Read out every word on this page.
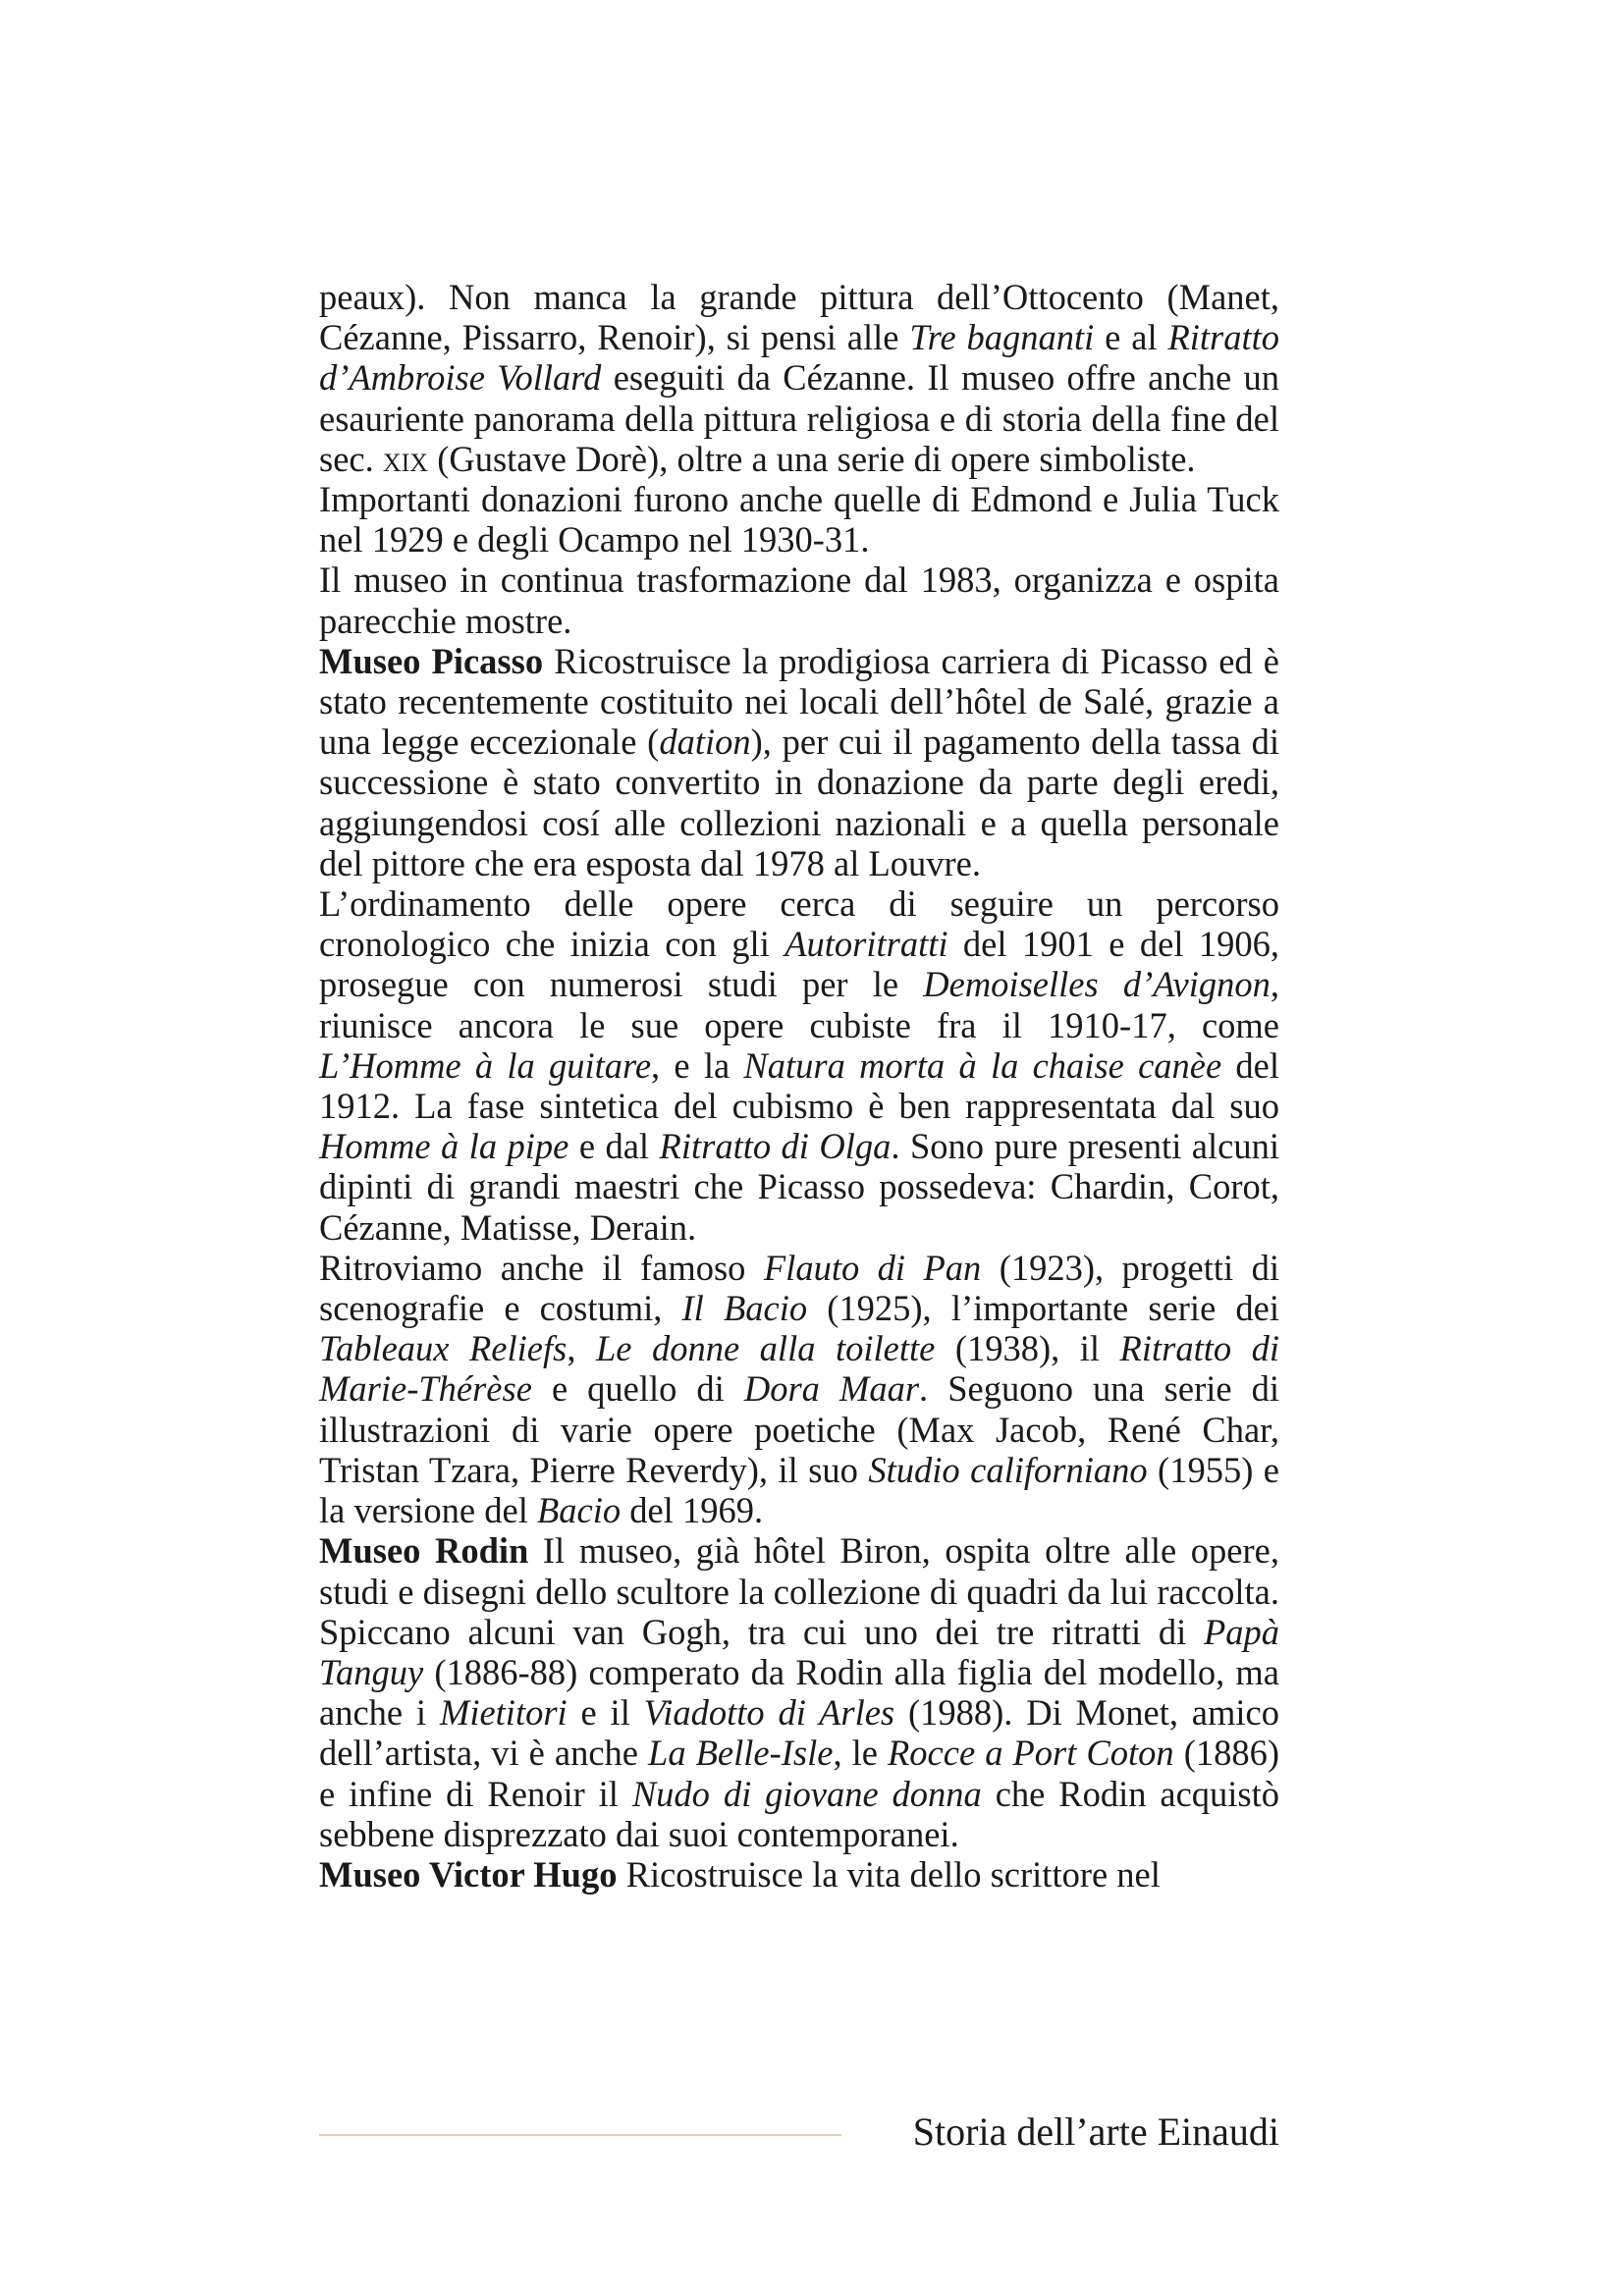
peaux). Non manca la grande pittura dell’Ottocento (Manet, Cézanne, Pissarro, Renoir), si pensi alle Tre bagnanti e al Ritratto d’Ambroise Vollard eseguiti da Cézanne. Il museo offre anche un esauriente panorama della pittura religiosa e di storia della fine del sec. xix (Gustave Dorè), oltre a una serie di opere simboliste.

Importanti donazioni furono anche quelle di Edmond e Julia Tuck nel 1929 e degli Ocampo nel 1930-31.

Il museo in continua trasformazione dal 1983, organizza e ospita parecchie mostre.

Museo Picasso Ricostruisce la prodigiosa carriera di Picasso ed è stato recentemente costituito nei locali dell’hôtel de Salé, grazie a una legge eccezionale (dation), per cui il pagamento della tassa di successione è stato convertito in donazione da parte degli eredi, aggiungendosi cosí alle collezioni nazionali e a quella personale del pittore che era esposta dal 1978 al Louvre.

L’ordinamento delle opere cerca di seguire un percorso cronologico che inizia con gli Autoritratti del 1901 e del 1906, prosegue con numerosi studi per le Demoiselles d’Avignon, riunisce ancora le sue opere cubiste fra il 1910-17, come L’Homme à la guitare, e la Natura morta à la chaise canèe del 1912. La fase sintetica del cubismo è ben rappresentata dal suo Homme à la pipe e dal Ritratto di Olga. Sono pure presenti alcuni dipinti di grandi maestri che Picasso possedeva: Chardin, Corot, Cézanne, Matisse, Derain.

Ritroviamo anche il famoso Flauto di Pan (1923), progetti di scenografie e costumi, Il Bacio (1925), l’importante serie dei Tableaux Reliefs, Le donne alla toilette (1938), il Ritratto di Marie-Thérèse e quello di Dora Maar. Seguono una serie di illustrazioni di varie opere poetiche (Max Jacob, René Char, Tristan Tzara, Pierre Reverdy), il suo Studio californiano (1955) e la versione del Bacio del 1969.

Museo Rodin Il museo, già hôtel Biron, ospita oltre alle opere, studi e disegni dello scultore la collezione di quadri da lui raccolta. Spiccano alcuni van Gogh, tra cui uno dei tre ritratti di Papà Tanguy (1886-88) comperato da Rodin alla figlia del modello, ma anche i Mietitori e il Viadotto di Arles (1988). Di Monet, amico dell’artista, vi è anche La Belle-Isle, le Rocce a Port Coton (1886) e infine di Renoir il Nudo di giovane donna che Rodin acquistò sebbene disprezzato dai suoi contemporanei.

Museo Victor Hugo Ricostruisce la vita dello scrittore nel

Storia dell’arte Einaudi
